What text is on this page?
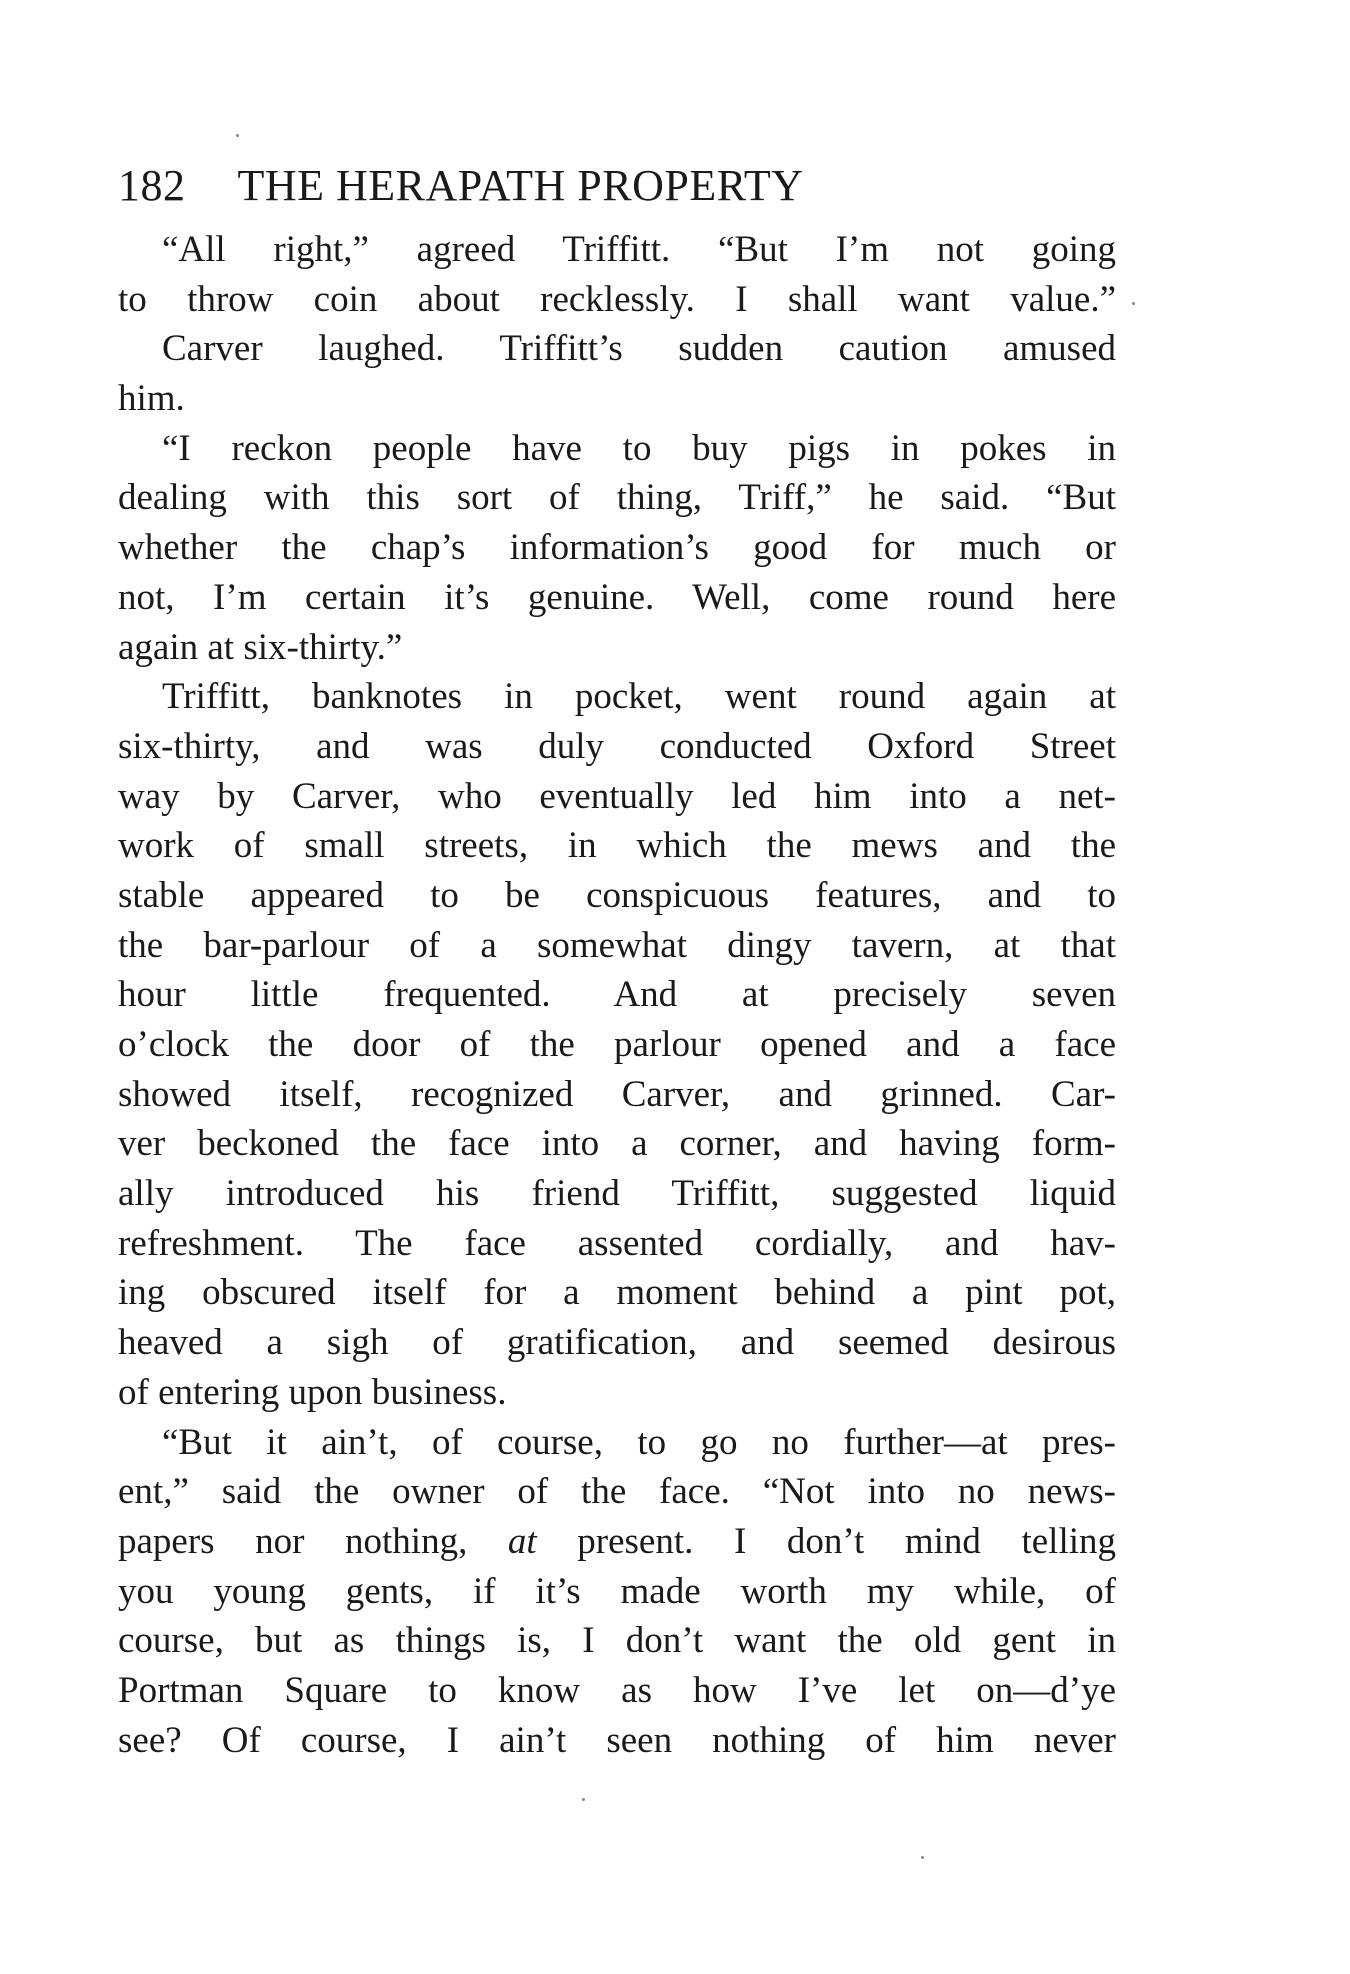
182 THE HERAPATH PROPERTY
“All right,” agreed Triffitt. “But I’m not going
to throw coin about recklessly. I shall want value.”
Carver laughed. Triffitt’s sudden caution amused
him.
“I reckon people have to buy pigs in pokes in
dealing with this sort of thing, Triff,” he said. “But
whether the chap’s information’s good for much or
not, I’m certain it’s genuine. Well, come round here
again at six-thirty.”
Triffitt, banknotes in pocket, went round again at
six-thirty, and was duly conducted Oxford Street
way by Carver, who eventually led him into a net-
work of small streets, in which the mews and the
stable appeared to be conspicuous features, and to
the bar-parlour of a somewhat dingy tavern, at that
hour little frequented. And at precisely seven
o’clock the door of the parlour opened and a face
showed itself, recognized Carver, and grinned. Car-
ver beckoned the face into a corner, and having form-
ally introduced his friend Triffitt, suggested liquid
refreshment. The face assented cordially, and hav-
ing obscured itself for a moment behind a pint pot,
heaved a sigh of gratification, and seemed desirous
of entering upon business.
“But it ain’t, of course, to go no further—at pres-
ent,” said the owner of the face. “Not into no news-
papers nor nothing, at present. I don’t mind telling
you young gents, if it’s made worth my while, of
course, but as things is, I don’t want the old gent in
Portman Square to know as how I’ve let on—d’ye
see? Of course, I ain’t seen nothing of him never
